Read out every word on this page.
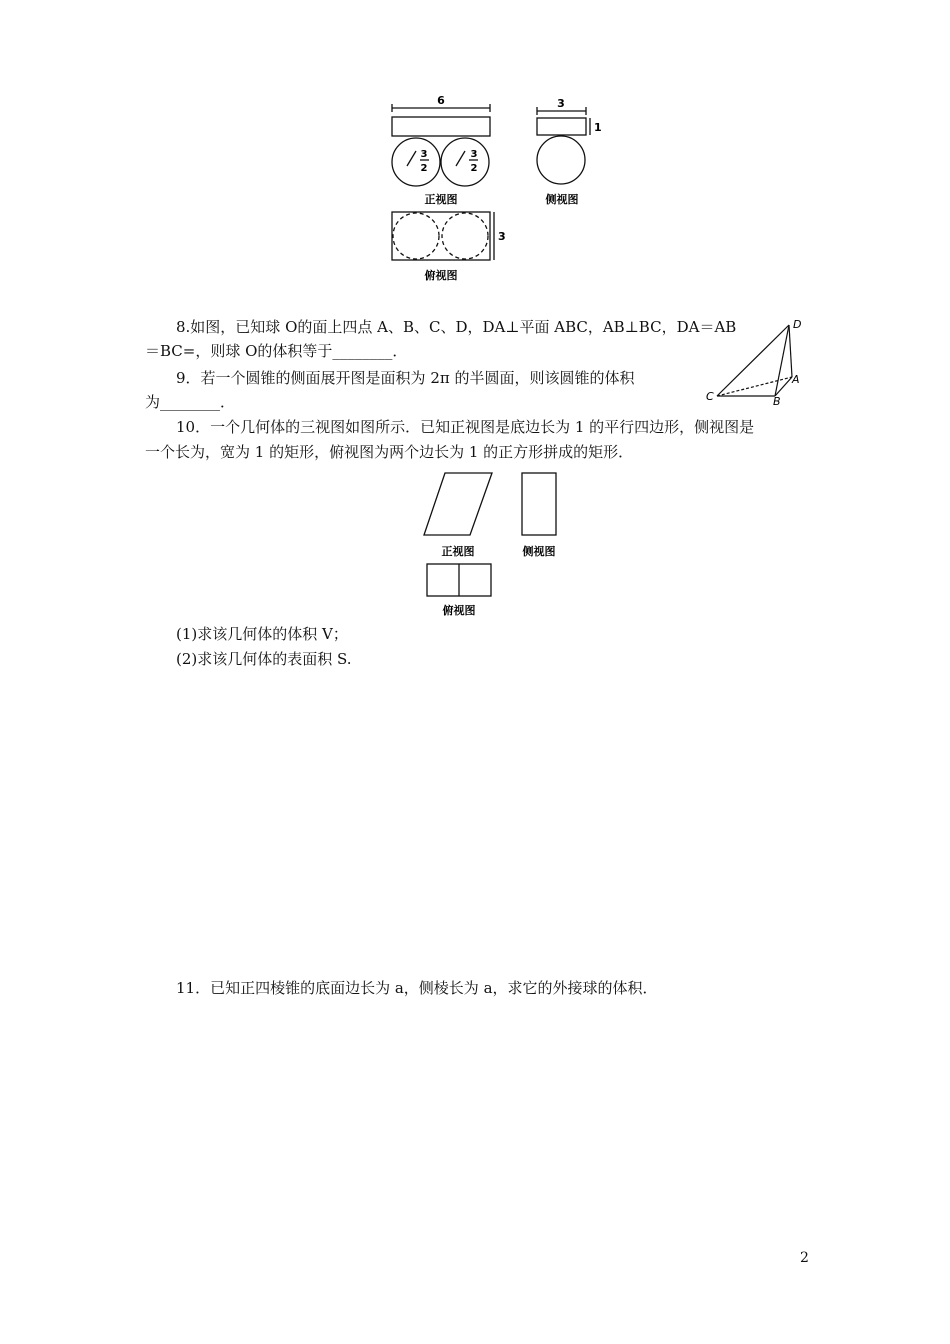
6
3
2
3
2
正视图
3
1
侧视图
3
俯视图
8.如图，已知球 O的面上四点 A、B、C、D，DA⊥平面 ABC，AB⊥BC，DA＝AB
＝BC=，则球 O的体积等于________．
D
A
B
C
9．若一个圆锥的侧面展开图是面积为 2π 的半圆面，则该圆锥的体积
为________．
10．一个几何体的三视图如图所示．已知正视图是底边长为 1 的平行四边形，侧视图是
一个长为，宽为 1 的矩形，俯视图为两个边长为 1 的正方形拼成的矩形．
正视图	侧视图
俯视图
(1)求该几何体的体积 V；
(2)求该几何体的表面积 S.
11．已知正四棱锥的底面边长为 a，侧棱长为 a，求它的外接球的体积．
2
